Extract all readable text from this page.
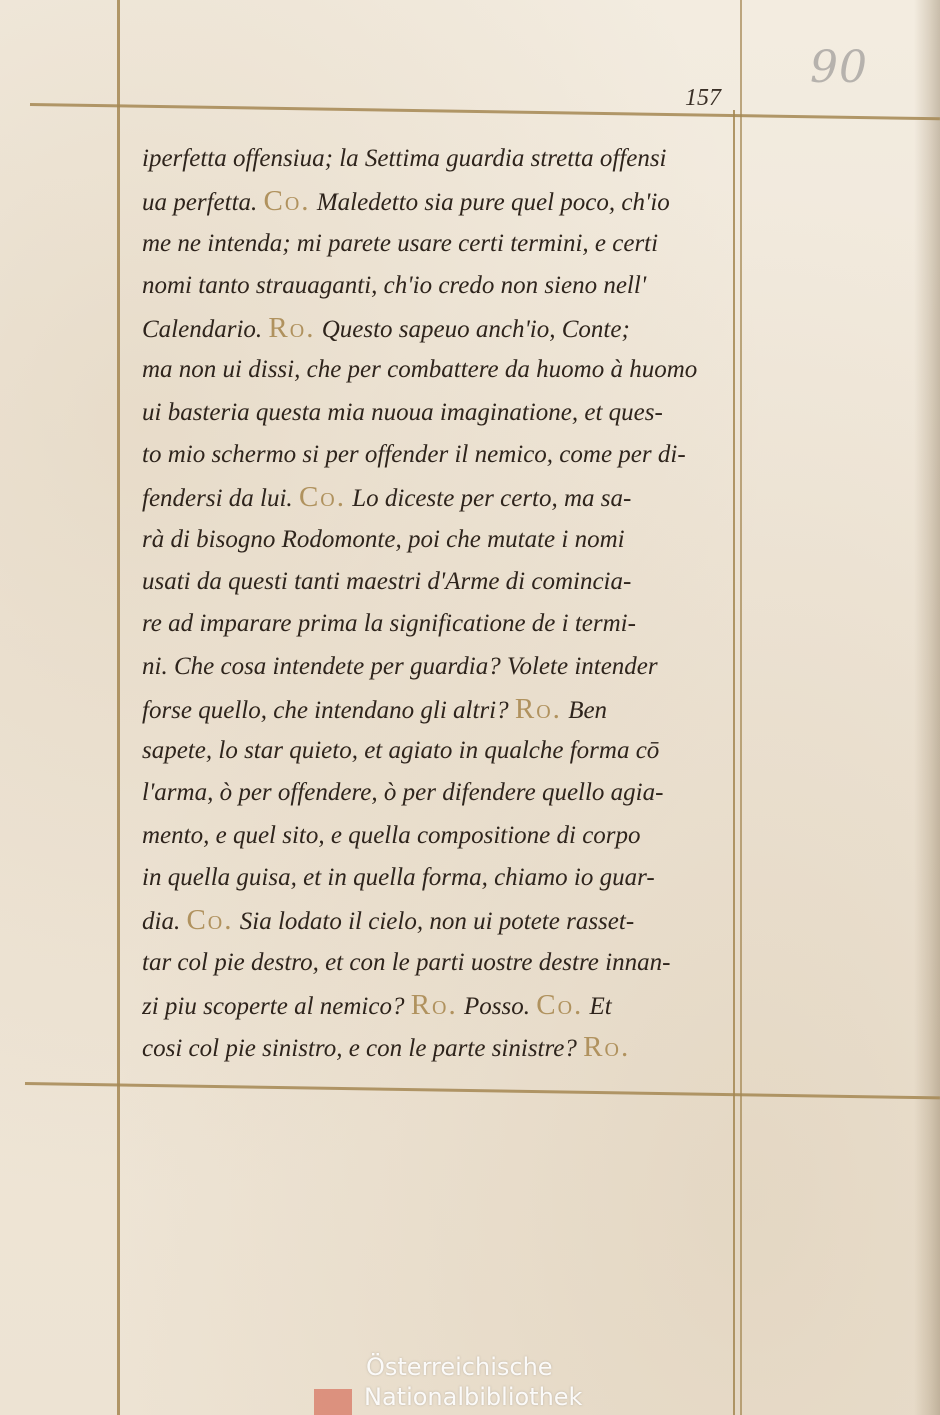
90
157
iperfetta offensiua; la Settima guardia stretta offensi
ua perfetta. Co. Maledetto sia pure quel poco, ch'io
me ne intenda; mi parete usare certi termini, e certi
nomi tanto strauaganti, ch'io credo non sieno nell'
Calendario. Ro. Questo sapeuo anch'io, Conte;
ma non ui dissi, che per combattere da huomo à huomo
ui basteria questa mia nuoua imaginatione, et ques-
to mio schermo si per offender il nemico, come per di-
fendersi da lui. Co. Lo diceste per certo, ma sa-
rà di bisogno Rodomonte, poi che mutate i nomi
usati da questi tanti maestri d'Arme di comincia-
re ad imparare prima la significatione de i termi-
ni. Che cosa intendete per guardia? Volete intender
forse quello, che intendano gli altri? Ro. Ben
sapete, lo star quieto, et agiato in qualche forma cō
l'arma, ò per offendere, ò per difendere quello agia-
mento, e quel sito, e quella compositione di corpo
in quella guisa, et in quella forma, chiamo io guar-
dia. Co. Sia lodato il cielo, non ui potete rasset-
tar col pie destro, et con le parti uostre destre innan-
zi piu scoperte al nemico? Ro. Posso. Co. Et
cosi col pie sinistro, e con le parte sinistre? Ro.
Österreichische
Nationalbibliothek
